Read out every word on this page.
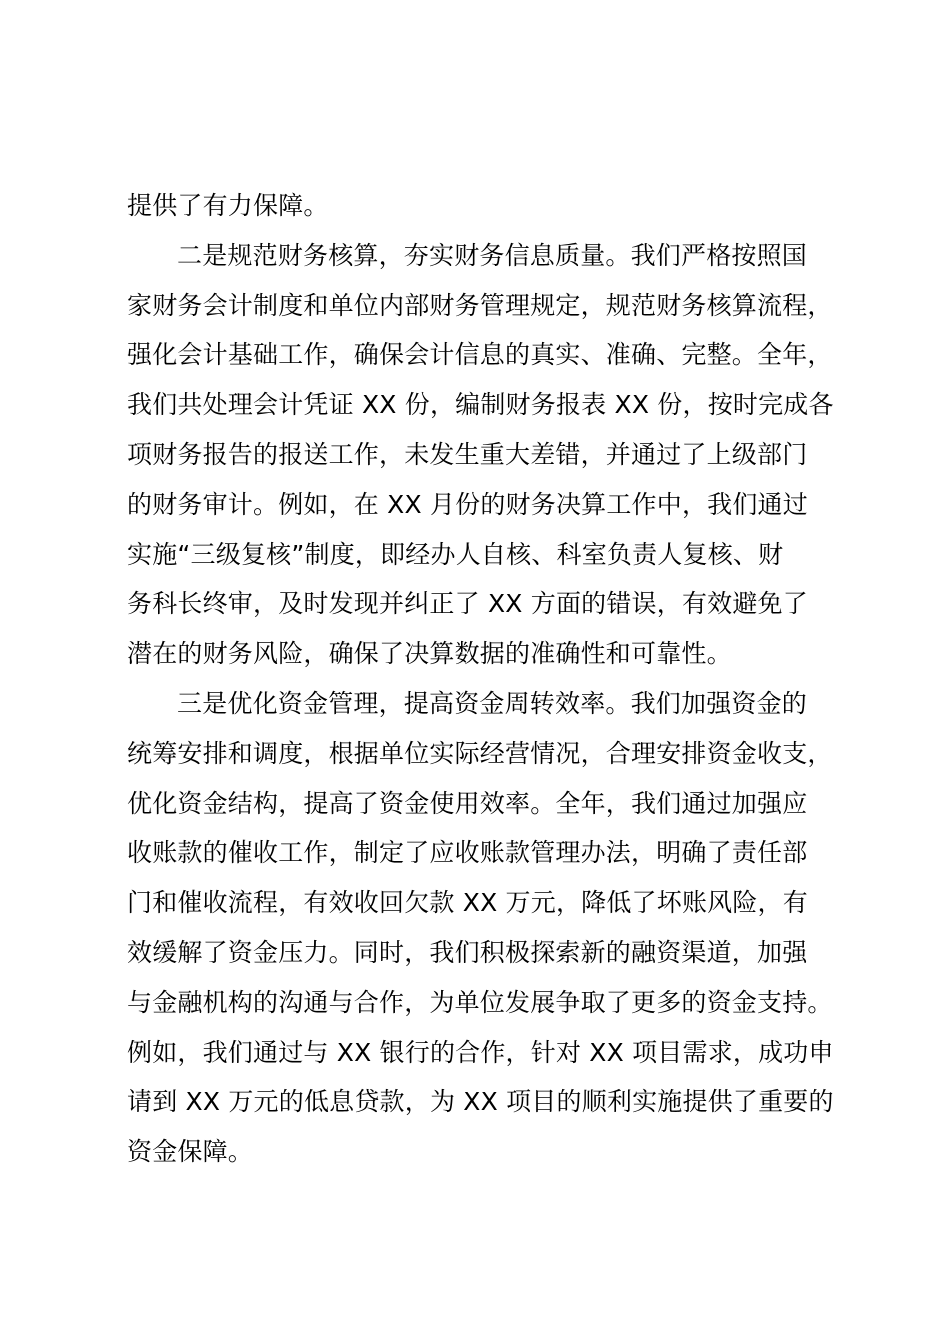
提供了有力保障。
二是规范财务核算，夯实财务信息质量。我们严格按照国
家财务会计制度和单位内部财务管理规定，规范财务核算流程，
强化会计基础工作，确保会计信息的真实、准确、完整。全年，
我们共处理会计凭证 XX 份，编制财务报表 XX 份，按时完成各
项财务报告的报送工作，未发生重大差错，并通过了上级部门
的财务审计。例如，在 XX 月份的财务决算工作中，我们通过
实施“三级复核”制度，即经办人自核、科室负责人复核、财
务科长终审，及时发现并纠正了 XX 方面的错误，有效避免了
潜在的财务风险，确保了决算数据的准确性和可靠性。
三是优化资金管理，提高资金周转效率。我们加强资金的
统筹安排和调度，根据单位实际经营情况，合理安排资金收支，
优化资金结构，提高了资金使用效率。全年，我们通过加强应
收账款的催收工作，制定了应收账款管理办法，明确了责任部
门和催收流程，有效收回欠款 XX 万元，降低了坏账风险，有
效缓解了资金压力。同时，我们积极探索新的融资渠道，加强
与金融机构的沟通与合作，为单位发展争取了更多的资金支持。
例如，我们通过与 XX 银行的合作，针对 XX 项目需求，成功申
请到 XX 万元的低息贷款，为 XX 项目的顺利实施提供了重要的
资金保障。
